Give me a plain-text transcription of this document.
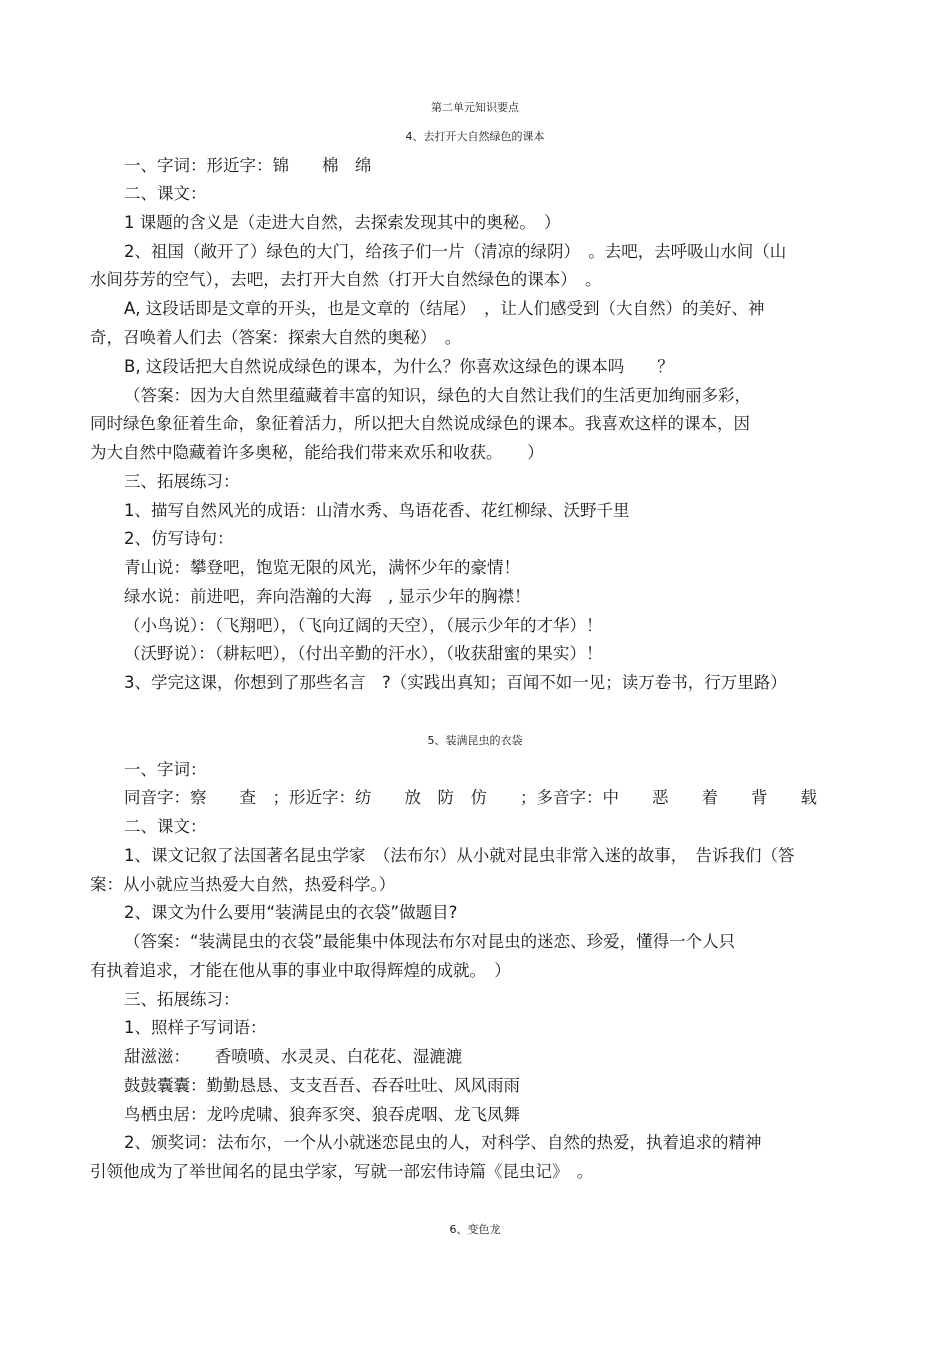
第二单元知识要点
4、去打开大自然绿色的课本
一、字词：形近字：锦　　棉　绵
二、课文：
1 课题的含义是（走进大自然，去探索发现其中的奥秘。　）
2、祖国（敞开了）绿色的大门，给孩子们一片（清凉的绿阴）　。去吧，去呼吸山水间（山
水间芬芳的空气），去吧，去打开大自然（打开大自然绿色的课本）　。
A, 这段话即是文章的开头，也是文章的（结尾）　，让人们感受到（大自然）的美好、神
奇，召唤着人们去（答案：探索大自然的奥秘）　。
B, 这段话把大自然说成绿色的课本，为什么？你喜欢这绿色的课本吗　　？
（答案：因为大自然里蕴藏着丰富的知识，绿色的大自然让我们的生活更加绚丽多彩，
同时绿色象征着生命，象征着活力，所以把大自然说成绿色的课本。我喜欢这样的课本，因
为大自然中隐藏着许多奥秘，能给我们带来欢乐和收获。　　）
三、拓展练习：
1、描写自然风光的成语：山清水秀、鸟语花香、花红柳绿、沃野千里
2、仿写诗句：
青山说：攀登吧，饱览无限的风光，满怀少年的豪情！
绿水说：前进吧，奔向浩瀚的大海　, 显示少年的胸襟！
（小鸟说）：（飞翔吧），（飞向辽阔的天空），（展示少年的才华）！
（沃野说）：（耕耘吧），（付出辛勤的汗水），（收获甜蜜的果实）！
3、学完这课，你想到了那些名言　?（实践出真知；百闻不如一见；读万卷书，行万里路）
5、装满昆虫的衣袋
一、字词：
同音字：察　　查　；形近字：纺　　放　防　仿　　；多音字：中　　恶　　着　　背　　载
二、课文：
1、课文记叙了法国著名昆虫学家　（法布尔）从小就对昆虫非常入迷的故事，　告诉我们（答
案：从小就应当热爱大自然，热爱科学。）
2、课文为什么要用“装满昆虫的衣袋”做题目?
（答案：“装满昆虫的衣袋”最能集中体现法布尔对昆虫的迷恋、珍爱，懂得一个人只
有执着追求，才能在他从事的事业中取得辉煌的成就。　）
三、拓展练习：
1、照样子写词语：
甜滋滋：　　香喷喷、水灵灵、白花花、湿漉漉
鼓鼓囊囊：勤勤恳恳、支支吾吾、吞吞吐吐、风风雨雨
鸟栖虫居：龙吟虎啸、狼奔豕突、狼吞虎咽、龙飞凤舞
2、颁奖词：法布尔，一个从小就迷恋昆虫的人，对科学、自然的热爱，执着追求的精神
引领他成为了举世闻名的昆虫学家，写就一部宏伟诗篇《昆虫记》　。
6、变色龙
